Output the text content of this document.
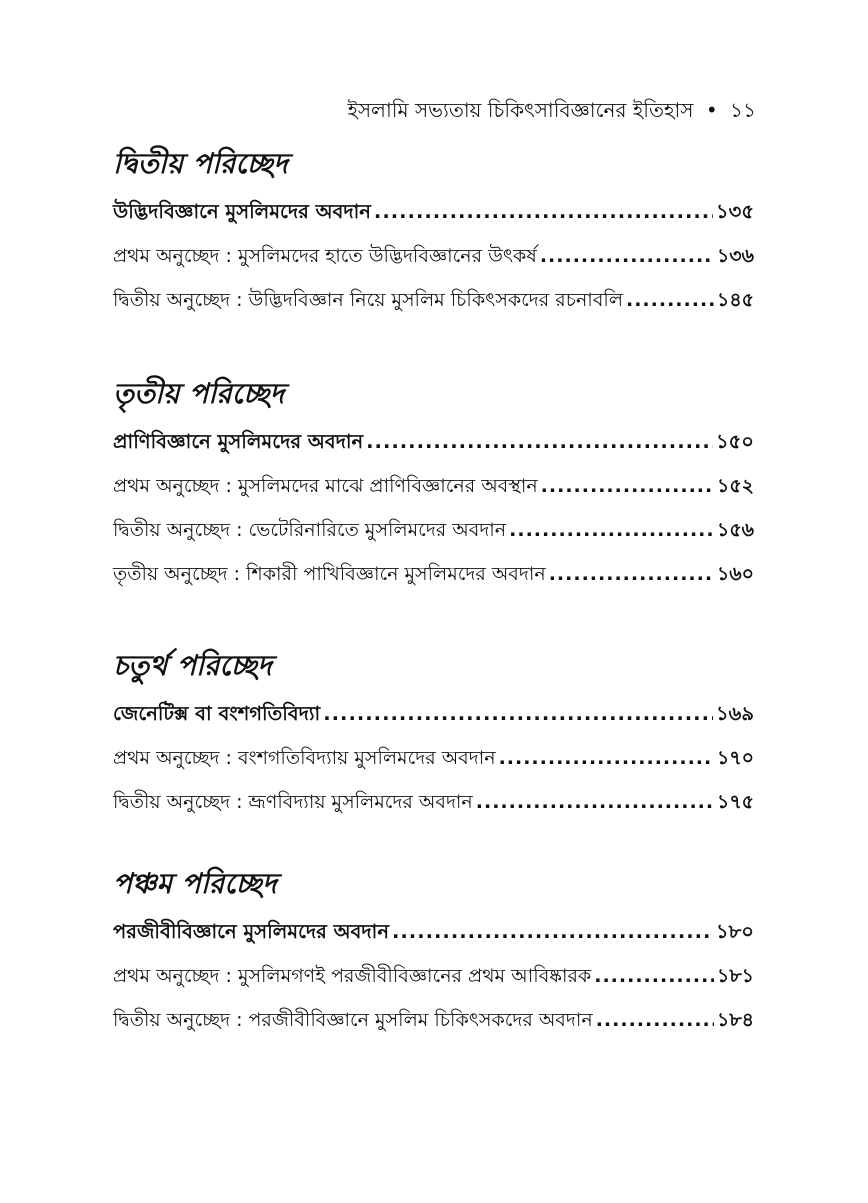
ইসলামি সভ্যতায় চিকিৎসাবিজ্ঞানের ইতিহাস • ১১
দ্বিতীয় পরিচ্ছেদ
উদ্ভিদবিজ্ঞানে মুসলিমদের অবদান .....	১৩৫
প্রথম অনুচ্ছেদ : মুসলিমদের হাতে উদ্ভিদবিজ্ঞানের উৎকর্ষ .....	১৩৬
দ্বিতীয় অনুচ্ছেদ : উদ্ভিদবিজ্ঞান নিয়ে মুসলিম চিকিৎসকদের রচনাবলি .....	১৪৫
তৃতীয় পরিচ্ছেদ
প্রাণিবিজ্ঞানে মুসলিমদের অবদান .....	১৫০
প্রথম অনুচ্ছেদ : মুসলিমদের মাঝে প্রাণিবিজ্ঞানের অবস্থান .....	১৫২
দ্বিতীয় অনুচ্ছেদ : ভেটেরিনারিতে মুসলিমদের অবদান .....	১৫৬
তৃতীয় অনুচ্ছেদ : শিকারী পাখিবিজ্ঞানে মুসলিমদের অবদান .....	১৬০
চতুর্থ পরিচ্ছেদ
জেনেটিক্স বা বংশগতিবিদ্যা .....	১৬৯
প্রথম অনুচ্ছেদ : বংশগতিবিদ্যায় মুসলিমদের অবদান .....	১৭০
দ্বিতীয় অনুচ্ছেদ : ভ্রূণবিদ্যায় মুসলিমদের অবদান .....	১৭৫
পঞ্চম পরিচ্ছেদ
পরজীবীবিজ্ঞানে মুসলিমদের অবদান .....	১৮০
প্রথম অনুচ্ছেদ : মুসলিমগণই পরজীবীবিজ্ঞানের প্রথম আবিষ্কারক .....	১৮১
দ্বিতীয় অনুচ্ছেদ : পরজীবীবিজ্ঞানে মুসলিম চিকিৎসকদের অবদান .....	১৮৪
